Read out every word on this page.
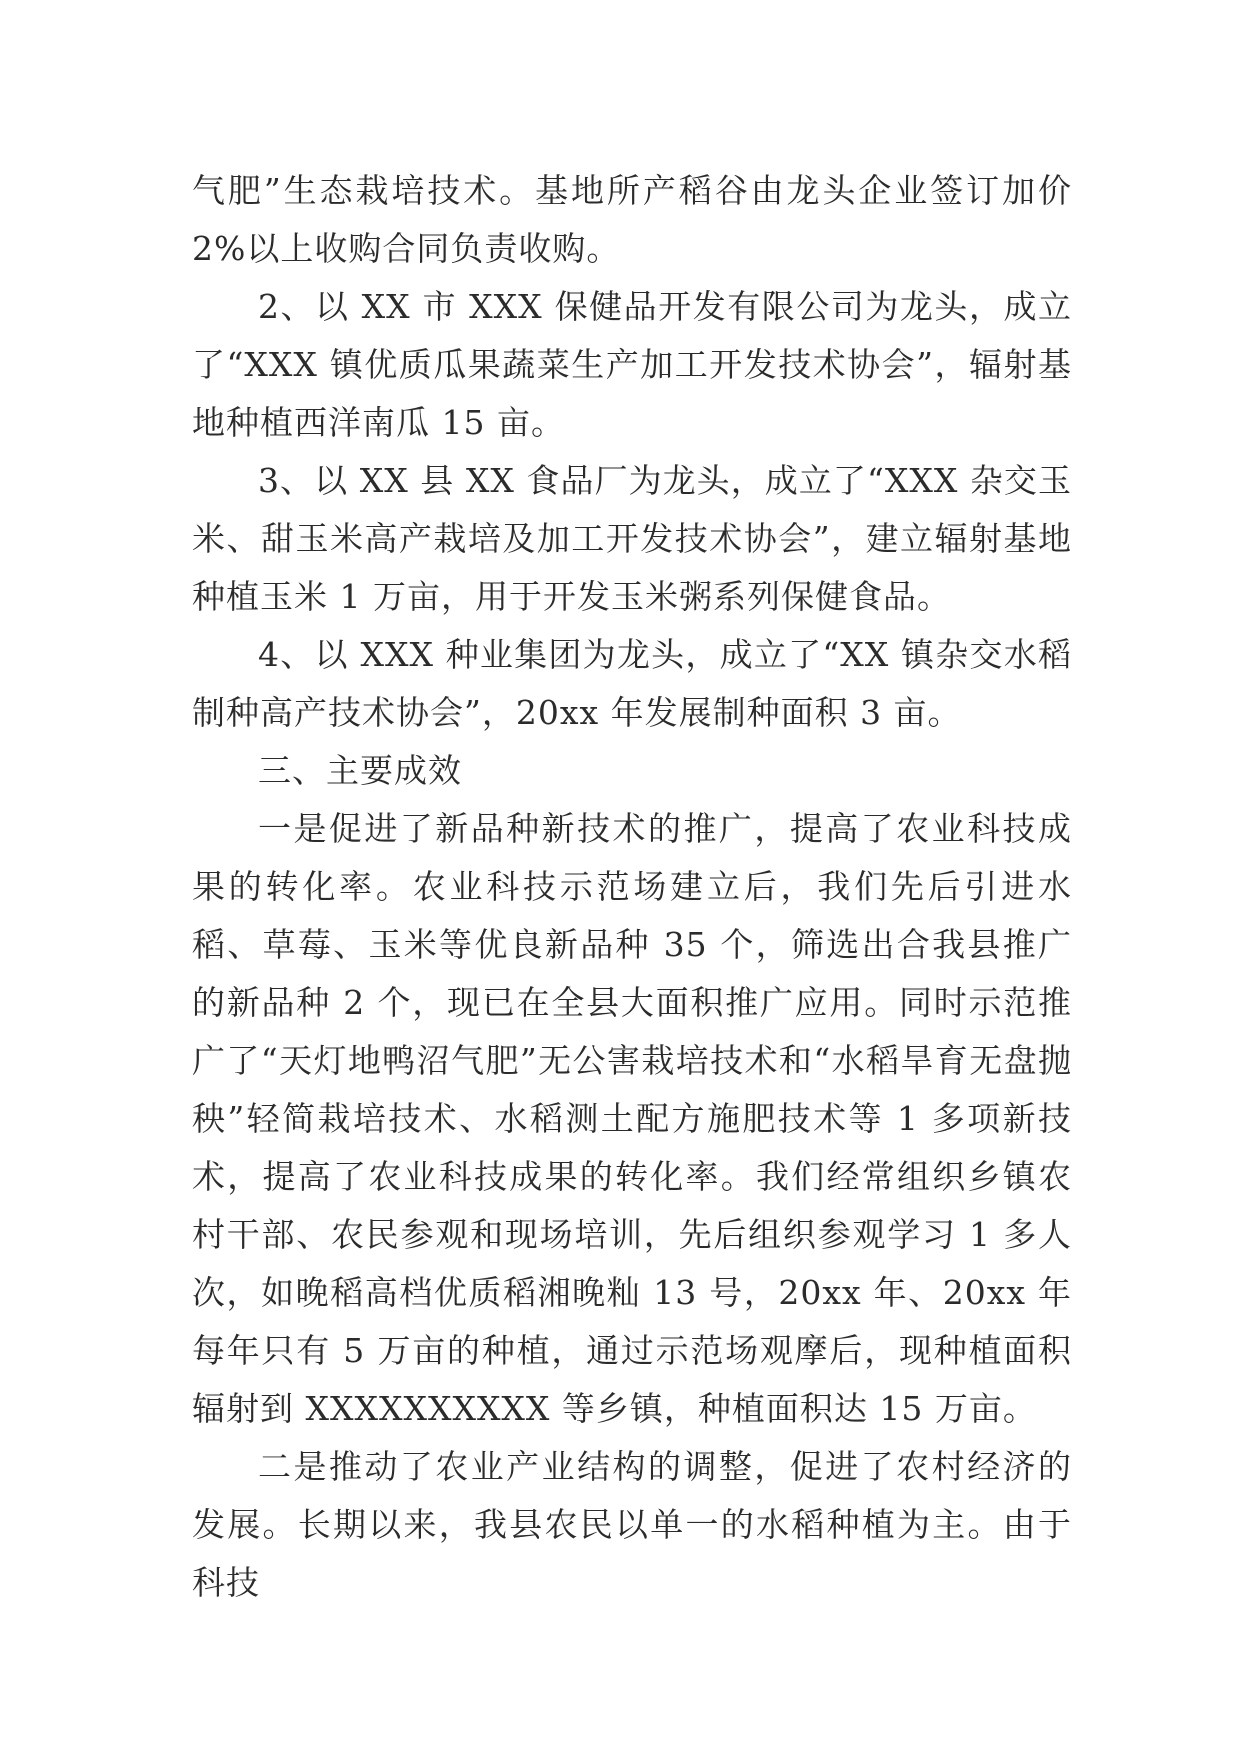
气肥”生态栽培技术。基地所产稻谷由龙头企业签订加价 2%以上收购合同负责收购。

2、以 XX 市 XXX 保健品开发有限公司为龙头，成立了“XXX 镇优质瓜果蔬菜生产加工开发技术协会”，辐射基地种植西洋南瓜 15 亩。

3、以 XX 县 XX 食品厂为龙头，成立了“XXX 杂交玉米、甜玉米高产栽培及加工开发技术协会”，建立辐射基地种植玉米 1 万亩，用于开发玉米粥系列保健食品。

4、以 XXX 种业集团为龙头，成立了“XX 镇杂交水稻制种高产技术协会”，20xx 年发展制种面积 3 亩。

三、主要成效

一是促进了新品种新技术的推广，提高了农业科技成果的转化率。农业科技示范场建立后，我们先后引进水稻、草莓、玉米等优良新品种 35 个，筛选出合我县推广的新品种 2 个，现已在全县大面积推广应用。同时示范推广了“天灯地鸭沼气肥”无公害栽培技术和“水稻旱育无盘抛秧”轻简栽培技术、水稻测土配方施肥技术等 1 多项新技术，提高了农业科技成果的转化率。我们经常组织乡镇农村干部、农民参观和现场培训，先后组织参观学习 1 多人次，如晚稻高档优质稻湘晚籼 13 号，20xx 年、20xx 年每年只有 5 万亩的种植，通过示范场观摩后，现种植面积辐射到 XXXXXXXXXX 等乡镇，种植面积达 15 万亩。

二是推动了农业产业结构的调整，促进了农村经济的发展。长期以来，我县农民以单一的水稻种植为主。由于科技
